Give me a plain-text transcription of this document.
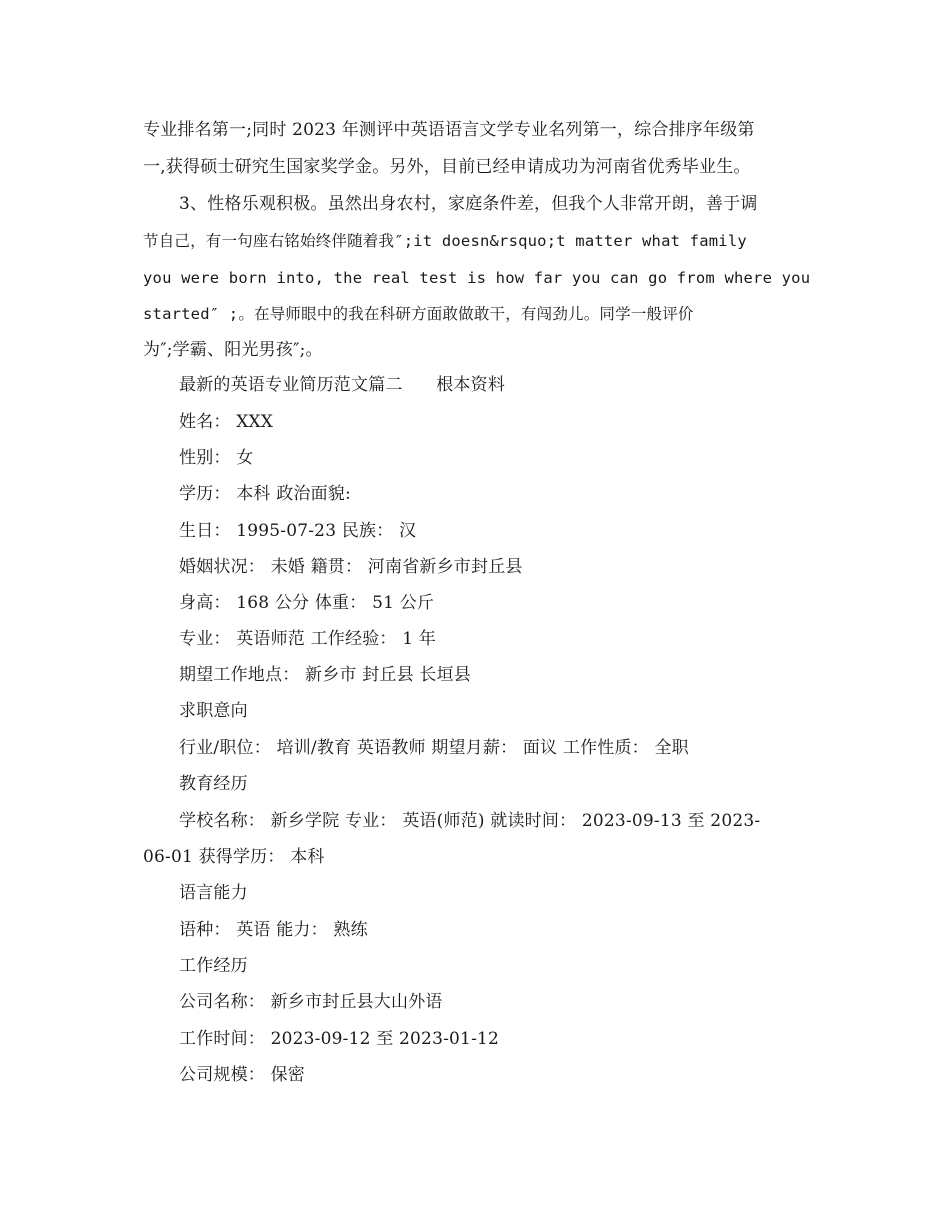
专业排名第一;同时 2023 年测评中英语语言文学专业名列第一，综合排序年级第
一,获得硕士研究生国家奖学金。另外，目前已经申请成功为河南省优秀毕业生。
3、性格乐观积极。虽然出身农村，家庭条件差，但我个人非常开朗，善于调
节自己，有一句座右铭始终伴随着我″;it doesn&rsquo;t matter what family
you were born into, the real test is how far you can go from where you
started″ ;。在导师眼中的我在科研方面敢做敢干，有闯劲儿。同学一般评价
为″;学霸、阳光男孩″;。
最新的英语专业简历范文篇二      根本资料
姓名： XXX
性别： 女
学历： 本科 政治面貌:
生日： 1995-07-23 民族： 汉
婚姻状况： 未婚 籍贯： 河南省新乡市封丘县
身高： 168 公分 体重： 51 公斤
专业： 英语师范 工作经验： 1 年
期望工作地点： 新乡市 封丘县 长垣县
求职意向
行业/职位： 培训/教育 英语教师 期望月薪： 面议 工作性质： 全职
教育经历
学校名称： 新乡学院 专业： 英语(师范) 就读时间： 2023-09-13 至 2023-
06-01 获得学历： 本科
语言能力
语种： 英语 能力： 熟练
工作经历
公司名称： 新乡市封丘县大山外语
工作时间： 2023-09-12 至 2023-01-12
公司规模： 保密
